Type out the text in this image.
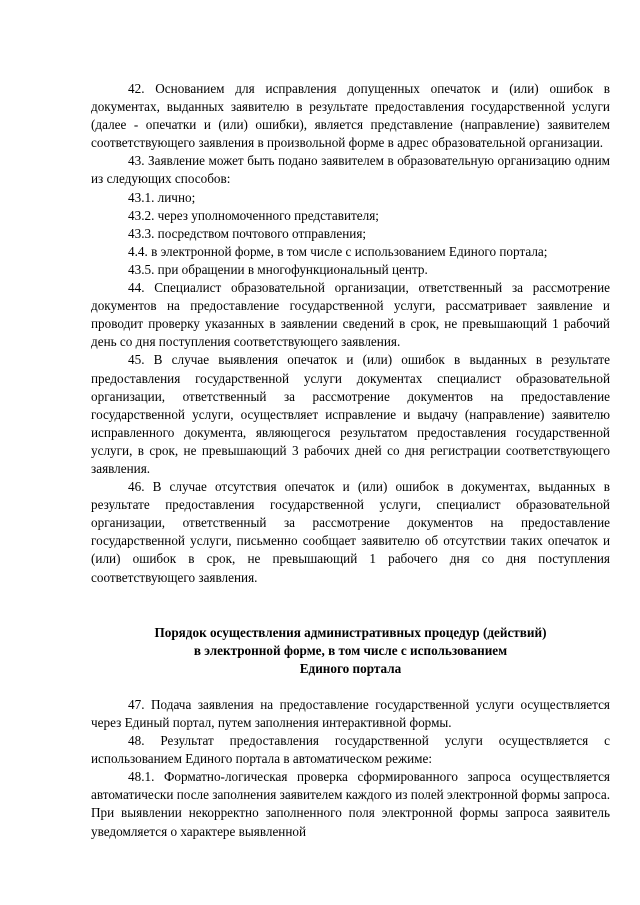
42. Основанием для исправления допущенных опечаток и (или) ошибок в документах, выданных заявителю в результате предоставления государственной услуги (далее - опечатки и (или) ошибки), является представление (направление) заявителем соответствующего заявления в произвольной форме в адрес образовательной организации.

43. Заявление может быть подано заявителем в образовательную организацию одним из следующих способов:

43.1. лично;

43.2. через уполномоченного представителя;

43.3. посредством почтового отправления;

4.4. в электронной форме, в том числе с использованием Единого портала;

43.5. при обращении в многофункциональный центр.

44. Специалист образовательной организации, ответственный за рассмотрение документов на предоставление государственной услуги, рассматривает заявление и проводит проверку указанных в заявлении сведений в срок, не превышающий 1 рабочий день со дня поступления соответствующего заявления.

45. В случае выявления опечаток и (или) ошибок в выданных в результате предоставления государственной услуги документах специалист образовательной организации, ответственный за рассмотрение документов на предоставление государственной услуги, осуществляет исправление и выдачу (направление) заявителю исправленного документа, являющегося результатом предоставления государственной услуги, в срок, не превышающий 3 рабочих дней со дня регистрации соответствующего заявления.

46. В случае отсутствия опечаток и (или) ошибок в документах, выданных в результате предоставления государственной услуги, специалист образовательной организации, ответственный за рассмотрение документов на предоставление государственной услуги, письменно сообщает заявителю об отсутствии таких опечаток и (или) ошибок в срок, не превышающий 1 рабочего дня со дня поступления соответствующего заявления.

Порядок осуществления административных процедур (действий)
в электронной форме, в том числе с использованием
Единого портала

47. Подача заявления на предоставление государственной услуги осуществляется через Единый портал, путем заполнения интерактивной формы.

48. Результат предоставления государственной услуги осуществляется с использованием Единого портала в автоматическом режиме:

48.1. Форматно-логическая проверка сформированного запроса осуществляется автоматически после заполнения заявителем каждого из полей электронной формы запроса. При выявлении некорректно заполненного поля электронной формы запроса заявитель уведомляется о характере выявленной
